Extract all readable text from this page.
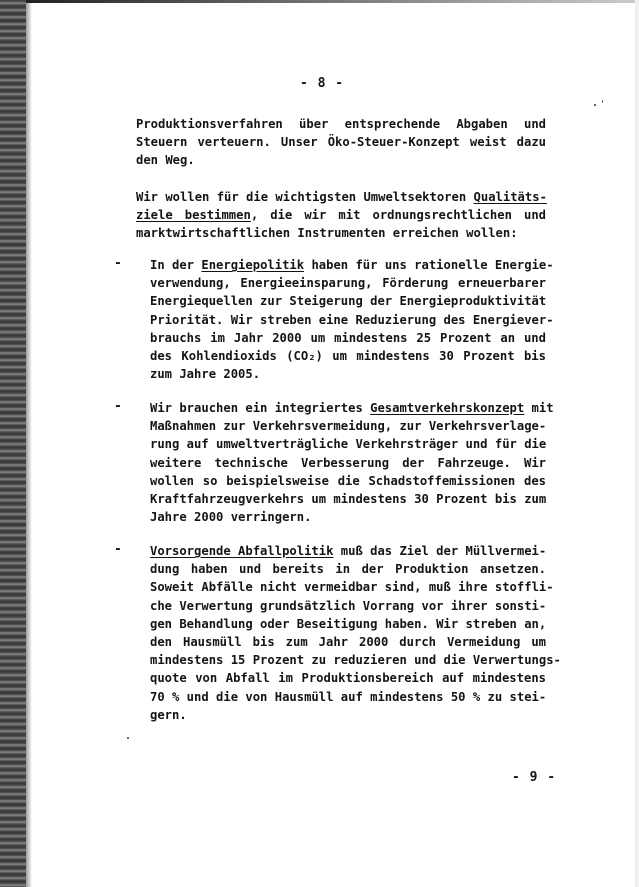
- 8 -
Produktionsverfahren über entsprechende Abgaben und
Steuern verteuern. Unser Öko-Steuer-Konzept weist dazu
den Weg.
Wir wollen für die wichtigsten Umweltsektoren Qualitäts-
ziele bestimmen, die wir mit ordnungsrechtlichen und
marktwirtschaftlichen Instrumenten erreichen wollen:
- In der Energiepolitik haben für uns rationelle Energie-
verwendung, Energieeinsparung, Förderung erneuerbarer
Energiequellen zur Steigerung der Energieproduktivität
Priorität. Wir streben eine Reduzierung des Energiever-
brauchs im Jahr 2000 um mindestens 25 Prozent an und
des Kohlendioxids (CO₂) um mindestens 30 Prozent bis
zum Jahre 2005.
- Wir brauchen ein integriertes Gesamtverkehrskonzept mit
Maßnahmen zur Verkehrsvermeidung, zur Verkehrsverlage-
rung auf umweltverträgliche Verkehrsträger und für die
weitere technische Verbesserung der Fahrzeuge. Wir
wollen so beispielsweise die Schadstoffemissionen des
Kraftfahrzeugverkehrs um mindestens 30 Prozent bis zum
Jahre 2000 verringern.
- Vorsorgende Abfallpolitik muß das Ziel der Müllvermei-
dung haben und bereits in der Produktion ansetzen.
Soweit Abfälle nicht vermeidbar sind, muß ihre stoffli-
che Verwertung grundsätzlich Vorrang vor ihrer sonsti-
gen Behandlung oder Beseitigung haben. Wir streben an,
den Hausmüll bis zum Jahr 2000 durch Vermeidung um
mindestens 15 Prozent zu reduzieren und die Verwertungs-
quote von Abfall im Produktionsbereich auf mindestens
70 % und die von Hausmüll auf mindestens 50 % zu stei-
gern.
- 9 -
